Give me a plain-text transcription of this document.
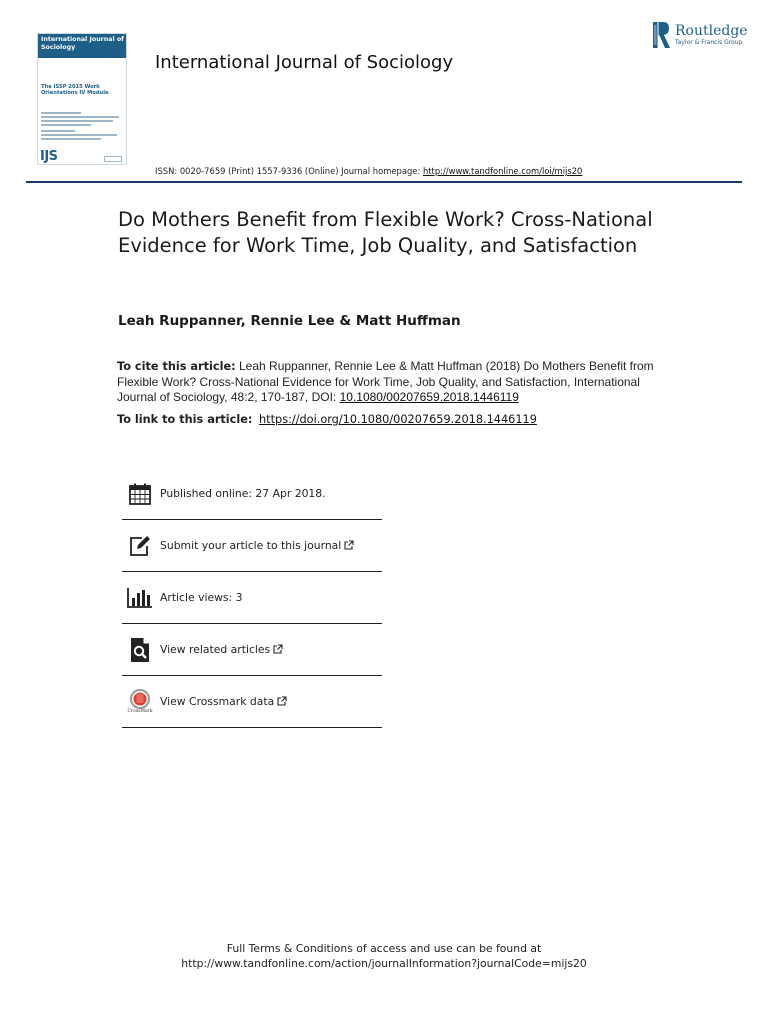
International Journal of Sociology
The ISSP 2015 Work Orientations IV Module
IJS
International Journal of Sociology
Routledge
Taylor & Francis Group
ISSN: 0020-7659 (Print) 1557-9336 (Online) Journal homepage: http://www.tandfonline.com/loi/mijs20
Do Mothers Benefit from Flexible Work? Cross-National Evidence for Work Time, Job Quality, and Satisfaction
Leah Ruppanner, Rennie Lee & Matt Huffman
To cite this article: Leah Ruppanner, Rennie Lee & Matt Huffman (2018) Do Mothers Benefit from Flexible Work? Cross-National Evidence for Work Time, Job Quality, and Satisfaction, International Journal of Sociology, 48:2, 170-187, DOI: 10.1080/00207659.2018.1446119
To link to this article: https://doi.org/10.1080/00207659.2018.1446119
Published online: 27 Apr 2018.
Submit your article to this journal
Article views: 3
View related articles
CrossMark
View Crossmark data
Full Terms & Conditions of access and use can be found at
http://www.tandfonline.com/action/journalInformation?journalCode=mijs20
